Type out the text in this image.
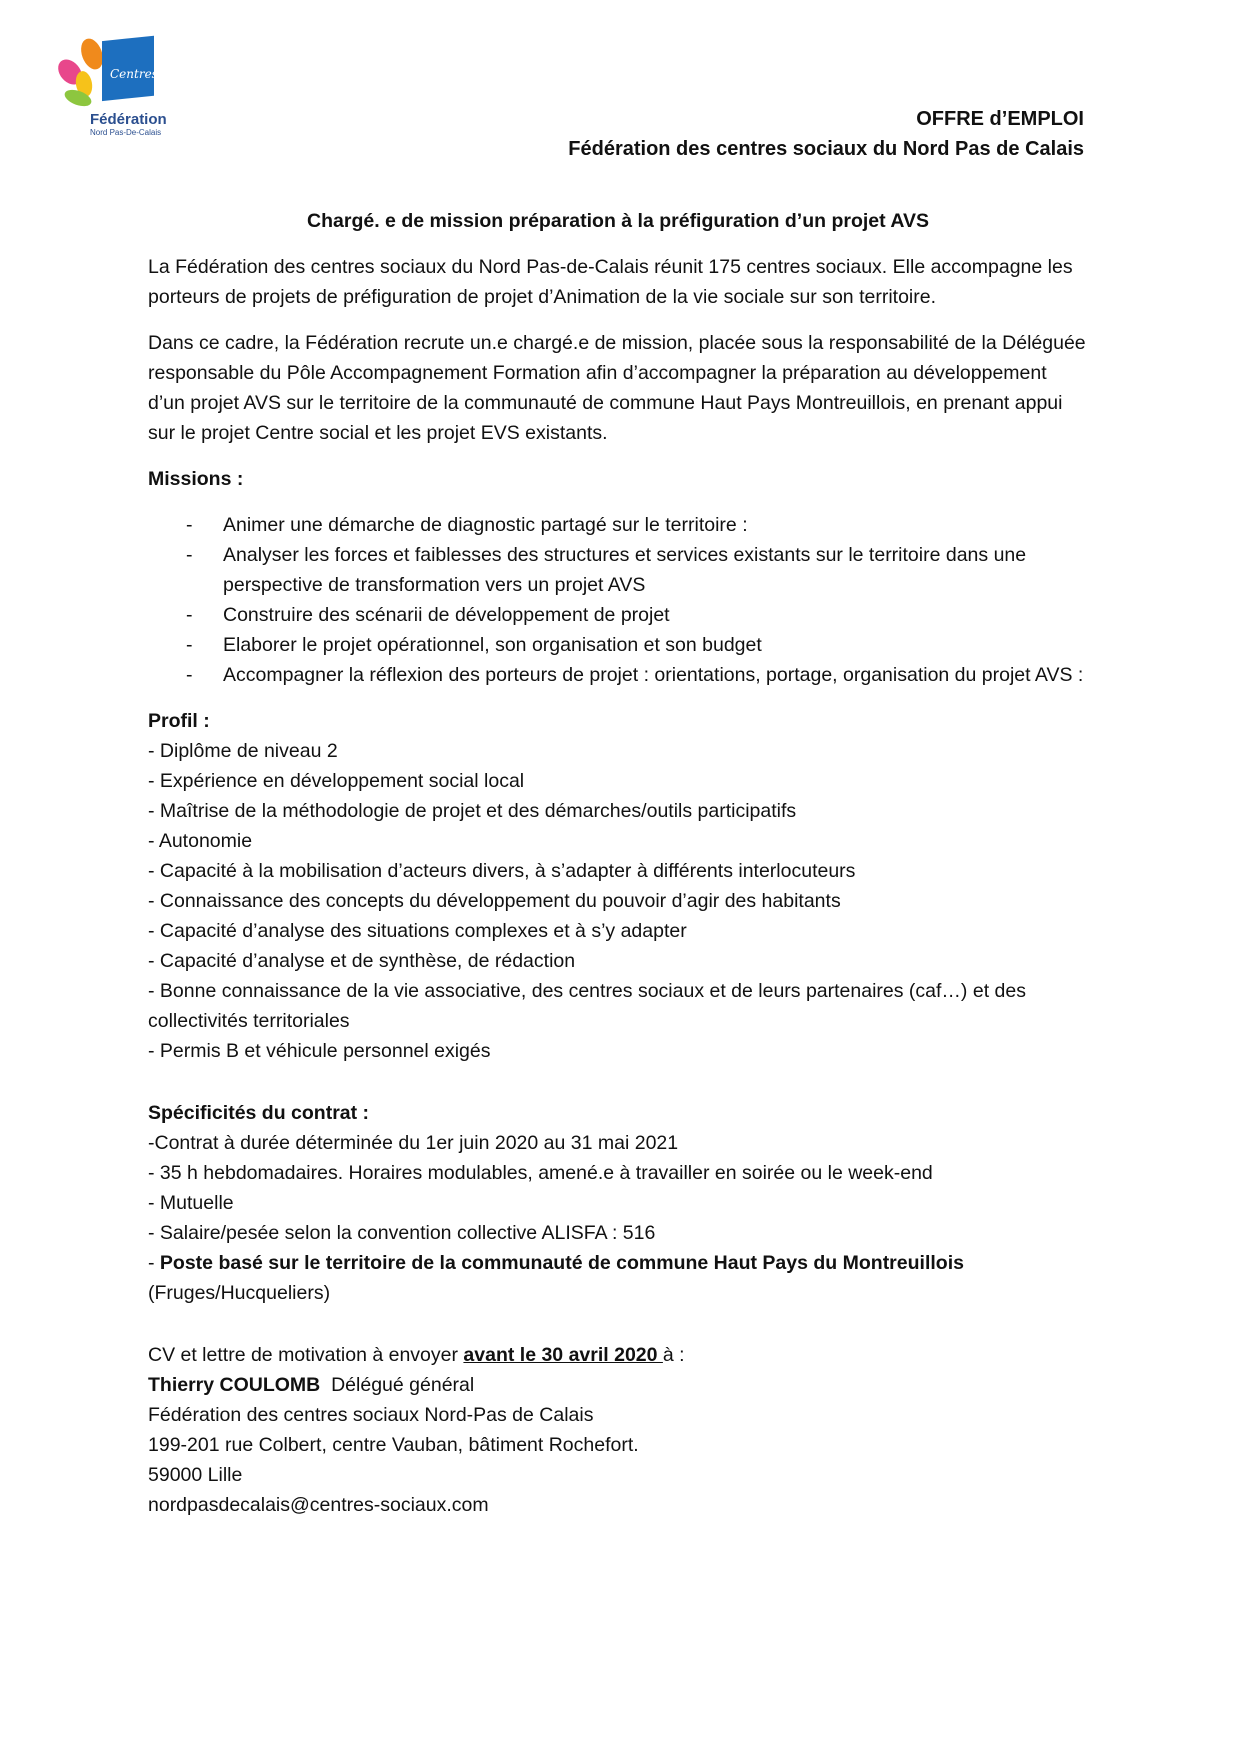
Centres Sociaux
Fédération
Nord Pas-De-Calais
OFFRE d’EMPLOI
Fédération des centres sociaux du Nord Pas de Calais

Chargé. e de mission préparation à la préfiguration d’un projet AVS

La Fédération des centres sociaux du Nord Pas-de-Calais réunit 175 centres sociaux. Elle accompagne les porteurs de projets de préfiguration de projet d’Animation de la vie sociale sur son territoire.

Dans ce cadre, la Fédération recrute un.e chargé.e de mission, placée sous la responsabilité de la Déléguée responsable du Pôle Accompagnement Formation afin d’accompagner la préparation au développement d’un projet AVS sur le territoire de la communauté de commune Haut Pays Montreuillois, en prenant appui sur le projet Centre social et les projet EVS existants.

Missions :

- Animer une démarche de diagnostic partagé sur le territoire :
- Analyser les forces et faiblesses des structures et services existants sur le territoire dans une perspective de transformation vers un projet AVS
- Construire des scénarii de développement de projet
- Elaborer le projet opérationnel, son organisation et son budget
- Accompagner la réflexion des porteurs de projet : orientations, portage, organisation du projet AVS :

Profil :

- Diplôme de niveau 2

- Expérience en développement social local

- Maîtrise de la méthodologie de projet et des démarches/outils participatifs

- Autonomie

- Capacité à la mobilisation d’acteurs divers, à s’adapter à différents interlocuteurs

- Connaissance des concepts du développement du pouvoir d’agir des habitants

- Capacité d’analyse des situations complexes et à s’y adapter

- Capacité d’analyse et de synthèse, de rédaction

- Bonne connaissance de la vie associative, des centres sociaux et de leurs partenaires (caf…) et des collectivités territoriales

- Permis B et véhicule personnel exigés

Spécificités du contrat :

-Contrat à durée déterminée du 1er juin 2020 au 31 mai 2021

- 35 h hebdomadaires. Horaires modulables, amené.e à travailler en soirée ou le week-end

- Mutuelle

- Salaire/pesée selon la convention collective ALISFA : 516

- Poste basé sur le territoire de la communauté de commune Haut Pays du Montreuillois

(Fruges/Hucqueliers)

CV et lettre de motivation à envoyer avant le 30 avril 2020 à :

Thierry COULOMB  Délégué général

Fédération des centres sociaux Nord-Pas de Calais

199-201 rue Colbert, centre Vauban, bâtiment Rochefort.

59000 Lille

nordpasdecalais@centres-sociaux.com
